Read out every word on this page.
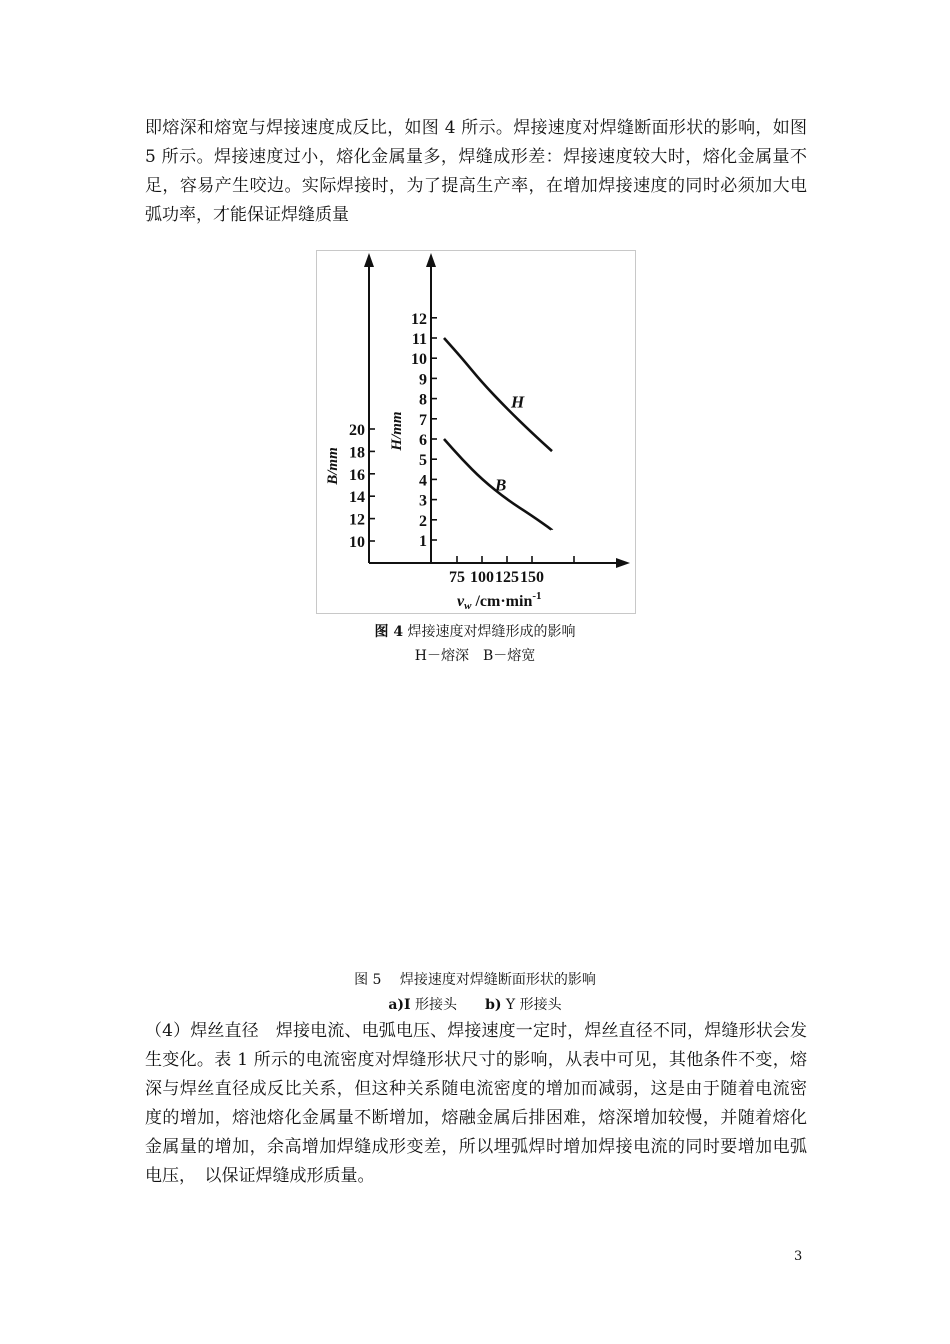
即熔深和熔宽与焊接速度成反比，如图 4 所示。焊接速度对焊缝断面形状的影响，如图 5 所示。焊接速度过小，熔化金属量多，焊缝成形差：焊接速度较大时，熔化金属量不足，容易产生咬边。实际焊接时，为了提高生产率，在增加焊接速度的同时必须加大电弧功率，才能保证焊缝质量

1
2
3
4
5
6
7
8
9
10
11
12
10
12
14
16
18
20
75 100 125 150
H
B
B/mm
H/mm
vw $/cm\cdot\min^{-1}$
图 4 焊接速度对焊缝形成的影响
H－熔深　B－熔宽
图 5　 焊接速度对焊缝断面形状的影响
a)I 形接头　　 b) Y 形接头

（4）焊丝直径　焊接电流、电弧电压、焊接速度一定时，焊丝直径不同，焊缝形状会发生变化。表 1 所示的电流密度对焊缝形状尺寸的影响，从表中可见，其他条件不变，熔深与焊丝直径成反比关系，但这种关系随电流密度的增加而减弱，这是由于随着电流密度的增加，熔池熔化金属量不断增加，熔融金属后排困难，熔深增加较慢，并随着熔化金属量的增加，余高增加焊缝成形变差，所以埋弧焊时增加焊接电流的同时要增加电弧电压，　以保证焊缝成形质量。

3
